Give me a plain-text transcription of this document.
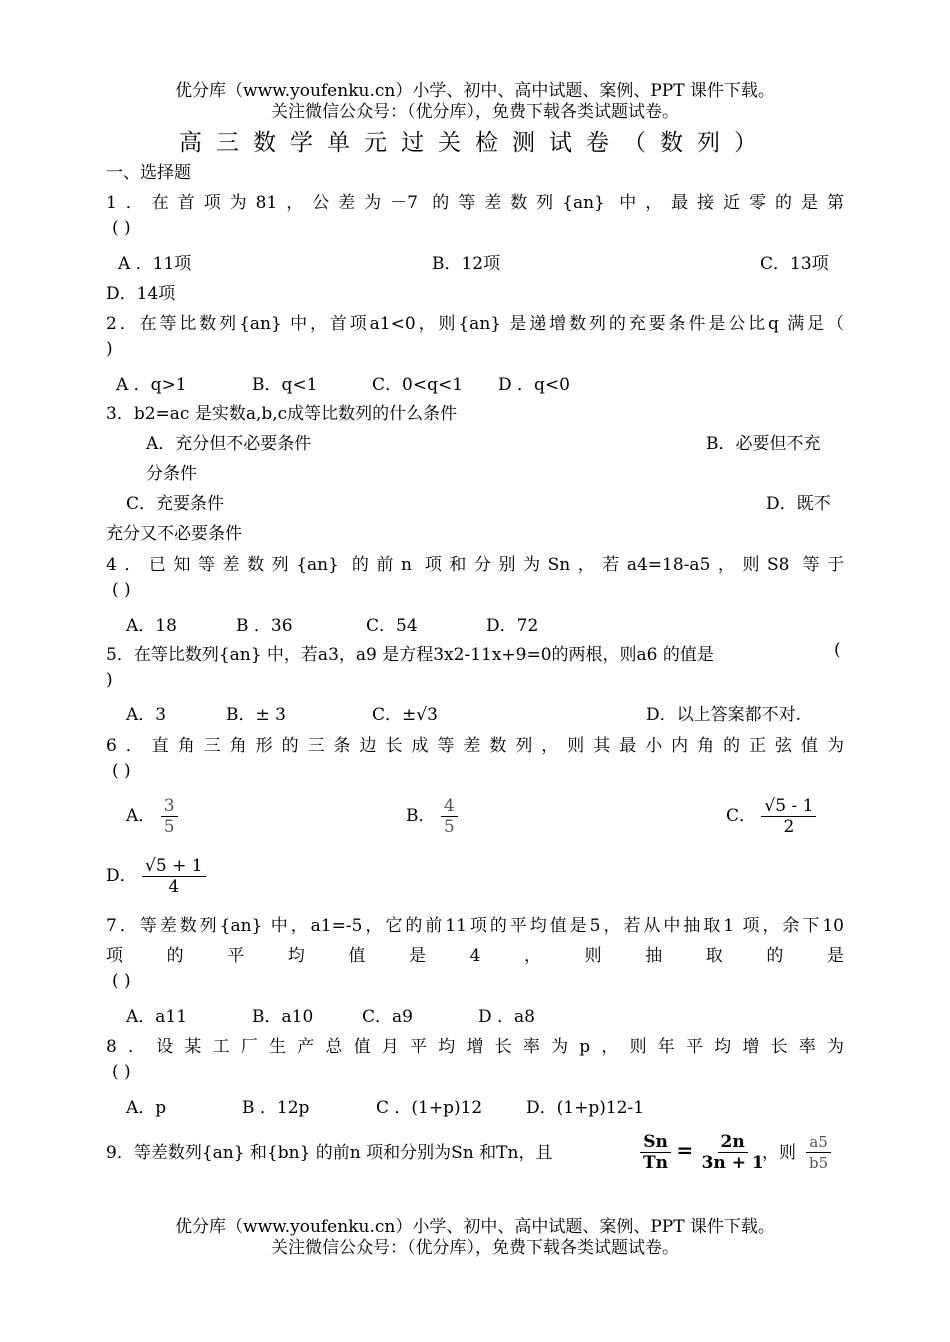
优分库（www.youfenku.cn）小学、初中、高中试题、案例、PPT 课件下载。
关注微信公众号：（优分库），免费下载各类试题试卷。
高三数学单元过关检测试卷（数列）
一、选择题
1．在首项为81，公差为－7 的等差数列{an} 中，最接近零的是第
( )
A ．11项	B．12项	C．13项
D．14项
2．在等比数列{an} 中，首项a1<0，则{an} 是递增数列的充要条件是公比q 满足（
)
A ．q>1	B．q<1	C．0<q<1 D ．q<0
3．b2=ac 是实数a,b,c成等比数列的什么条件
A．充分但不必要条件	B．必要但不充
分条件
C．充要条件	D．既不
充分又不必要条件
4．已知等差数列{an} 的前n 项和分别为Sn，若a4=18-a5，则S8 等于
( )
A．18	B ．36	C．54	D．72
5．在等比数列{an} 中，若a3，a9 是方程3x2-11x+9=0的两根，则a6 的值是	(
)
A．3	B．± 3	C．±√3	D．以上答案都不对.
6．直角三角形的三条边长成等差数列，则其最小内角的正弦值为
( )
A． $\frac{3}{5}$	B． $\frac{4}{5}$	C． $\frac{√5 - 1}{2}$
D． $\frac{√5 + 1}{4}$
7．等差数列{an} 中，a1=-5，它的前11项的平均值是5，若从中抽取1 项，余下10
项的平均值是4，则抽取的是
( )
A．a11	B．a10	C．a9	D ．a8
8．设某工厂生产总值月平均增长率为p，则年平均增长率为
( )
A．p	B ．12p	C ．(1+p)12	D．(1+p)12-1
9．等差数列{an} 和{bn} 的前n 项和分别为Sn 和Tn，且	$\frac{Sn}{Tn} = \frac{2n}{3n + 1}$
，则 $\frac{a5}{b5}$
优分库（www.youfenku.cn）小学、初中、高中试题、案例、PPT 课件下载。
关注微信公众号：（优分库），免费下载各类试题试卷。
